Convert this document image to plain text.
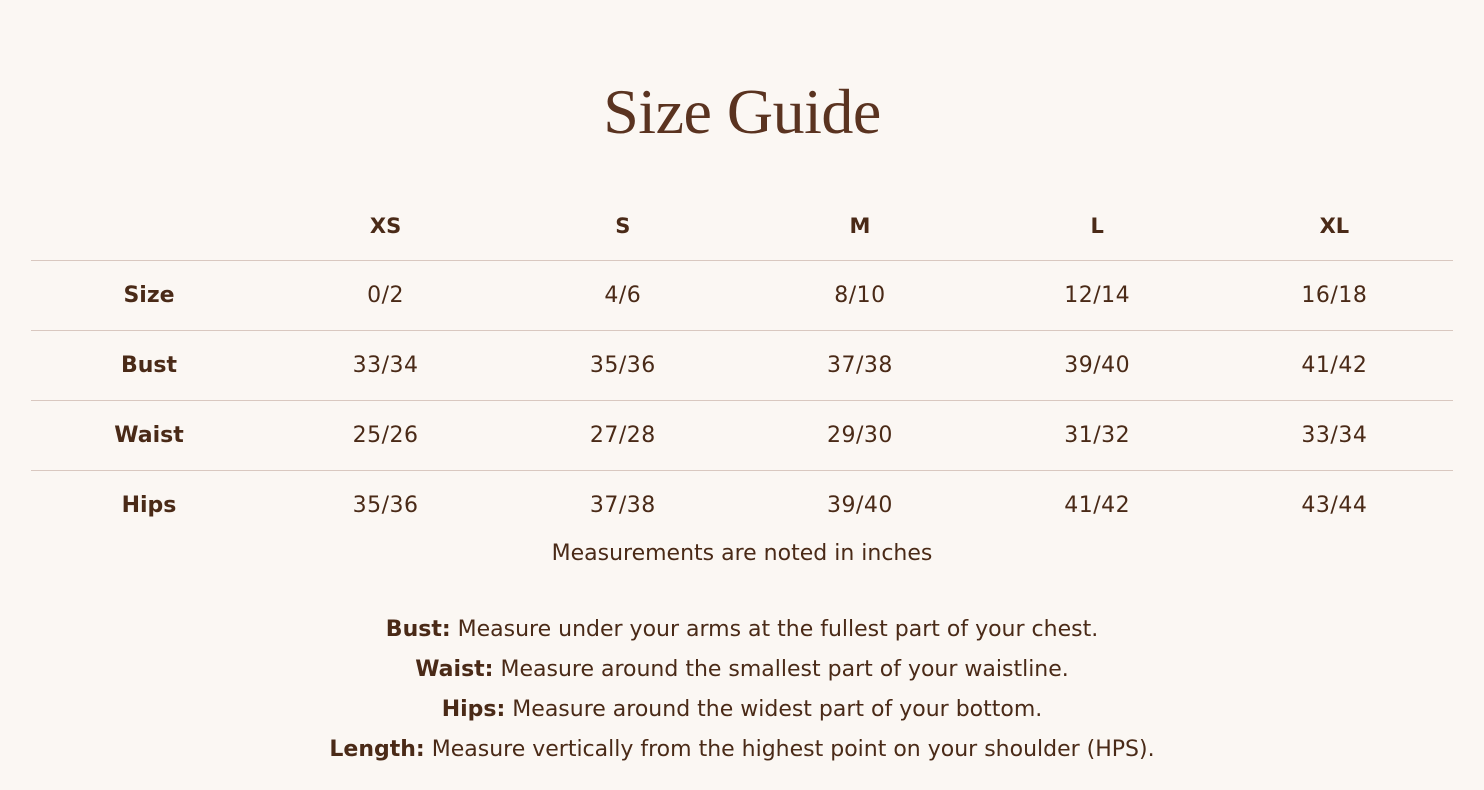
Size Guide
	XS	S	M	L	XL
Size	0/2	4/6	8/10	12/14	16/18
Bust	33/34	35/36	37/38	39/40	41/42
Waist	25/26	27/28	29/30	31/32	33/34
Hips	35/36	37/38	39/40	41/42	43/44
Measurements are noted in inches
Bust: Measure under your arms at the fullest part of your chest.
Waist: Measure around the smallest part of your waistline.
Hips: Measure around the widest part of your bottom.
Length: Measure vertically from the highest point on your shoulder (HPS).
